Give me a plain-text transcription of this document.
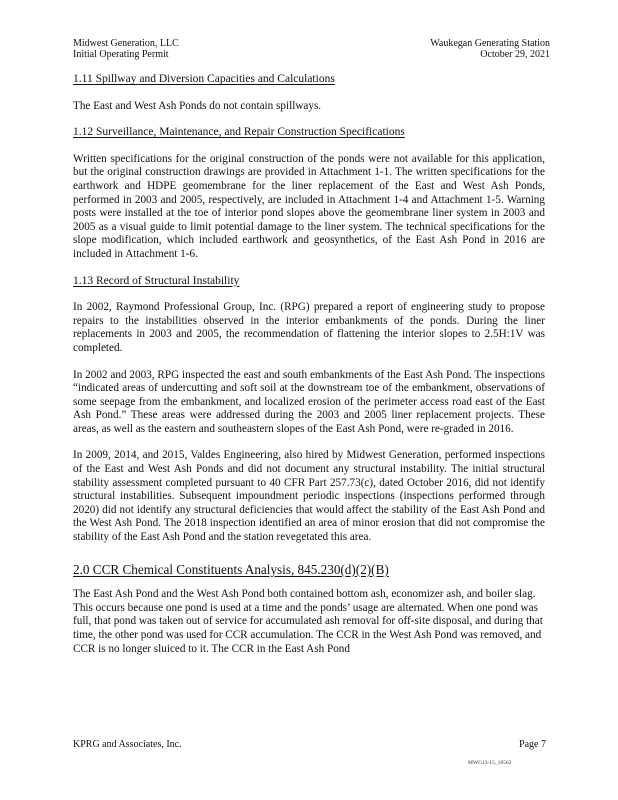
Midwest Generation, LLC
Initial Operating Permit
Waukegan Generating Station
October 29, 2021
1.11 Spillway and Diversion Capacities and Calculations

The East and West Ash Ponds do not contain spillways.

1.12 Surveillance, Maintenance, and Repair Construction Specifications

Written specifications for the original construction of the ponds were not available for this application, but the original construction drawings are provided in Attachment 1-1. The written specifications for the earthwork and HDPE geomembrane for the liner replacement of the East and West Ash Ponds, performed in 2003 and 2005, respectively, are included in Attachment 1-4 and Attachment 1-5. Warning posts were installed at the toe of interior pond slopes above the geomembrane liner system in 2003 and 2005 as a visual guide to limit potential damage to the liner system. The technical specifications for the slope modification, which included earthwork and geosynthetics, of the East Ash Pond in 2016 are included in Attachment 1-6.

1.13 Record of Structural Instability

In 2002, Raymond Professional Group, Inc. (RPG) prepared a report of engineering study to propose repairs to the instabilities observed in the interior embankments of the ponds. During the liner replacements in 2003 and 2005, the recommendation of flattening the interior slopes to 2.5H:1V was completed.

In 2002 and 2003, RPG inspected the east and south embankments of the East Ash Pond. The inspections “indicated areas of undercutting and soft soil at the downstream toe of the embankment, observations of some seepage from the embankment, and localized erosion of the perimeter access road east of the East Ash Pond.” These areas were addressed during the 2003 and 2005 liner replacement projects. These areas, as well as the eastern and southeastern slopes of the East Ash Pond, were re-graded in 2016.

In 2009, 2014, and 2015, Valdes Engineering, also hired by Midwest Generation, performed inspections of the East and West Ash Ponds and did not document any structural instability. The initial structural stability assessment completed pursuant to 40 CFR Part 257.73(c), dated October 2016, did not identify structural instabilities. Subsequent impoundment periodic inspections (inspections performed through 2020) did not identify any structural deficiencies that would affect the stability of the East Ash Pond and the West Ash Pond. The 2018 inspection identified an area of minor erosion that did not compromise the stability of the East Ash Pond and the station revegetated this area.

2.0 CCR Chemical Constituents Analysis, 845.230(d)(2)(B)

The East Ash Pond and the West Ash Pond both contained bottom ash, economizer ash, and boiler slag. This occurs because one pond is used at a time and the ponds’ usage are alternated. When one pond was full, that pond was taken out of service for accumulated ash removal for off-site disposal, and during that time, the other pond was used for CCR accumulation. The CCR in the West Ash Pond was removed, and CCR is no longer sluiced to it. The CCR in the East Ash Pond

KPRG and Associates, Inc.	Page 7
MWG13-15_18563
